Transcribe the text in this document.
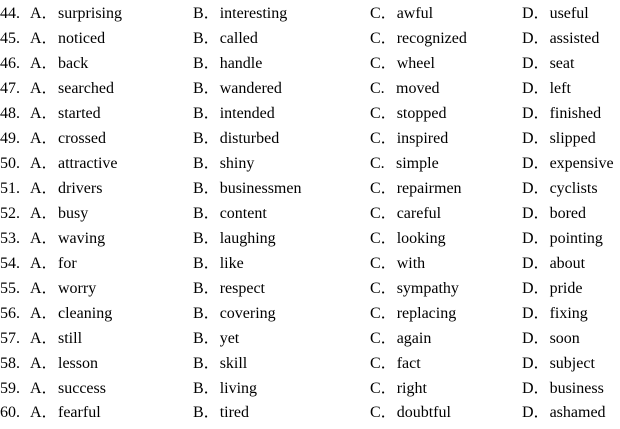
44. A．surprising	B．interesting	C．awful	D．useful
45. A．noticed	B．called	C．recognized	D．assisted
46. A．back	B．handle	C．wheel	D．seat
47. A．searched	B．wandered	C. moved	D．left
48. A．started	B．intended	C．stopped	D．finished
49. A．crossed	B．disturbed	C．inspired	D．slipped
50. A．attractive	B．shiny	C. simple	D．expensive
51. A．drivers	B．businessmen	C．repairmen	D．cyclists
52. A．busy	B．content	C．careful	D．bored
53. A．waving	B．laughing	C．looking	D．pointing
54. A．for	B．like	C．with	D．about
55. A．worry	B．respect	C．sympathy	D．pride
56. A．cleaning	B．covering	C．replacing	D．fixing
57. A．still	B．yet	C．again	D．soon
58. A．lesson	B．skill	C．fact	D．subject
59. A．success	B．living	C．right	D．business
60. A．fearful	B．tired	C．doubtful	D．ashamed
